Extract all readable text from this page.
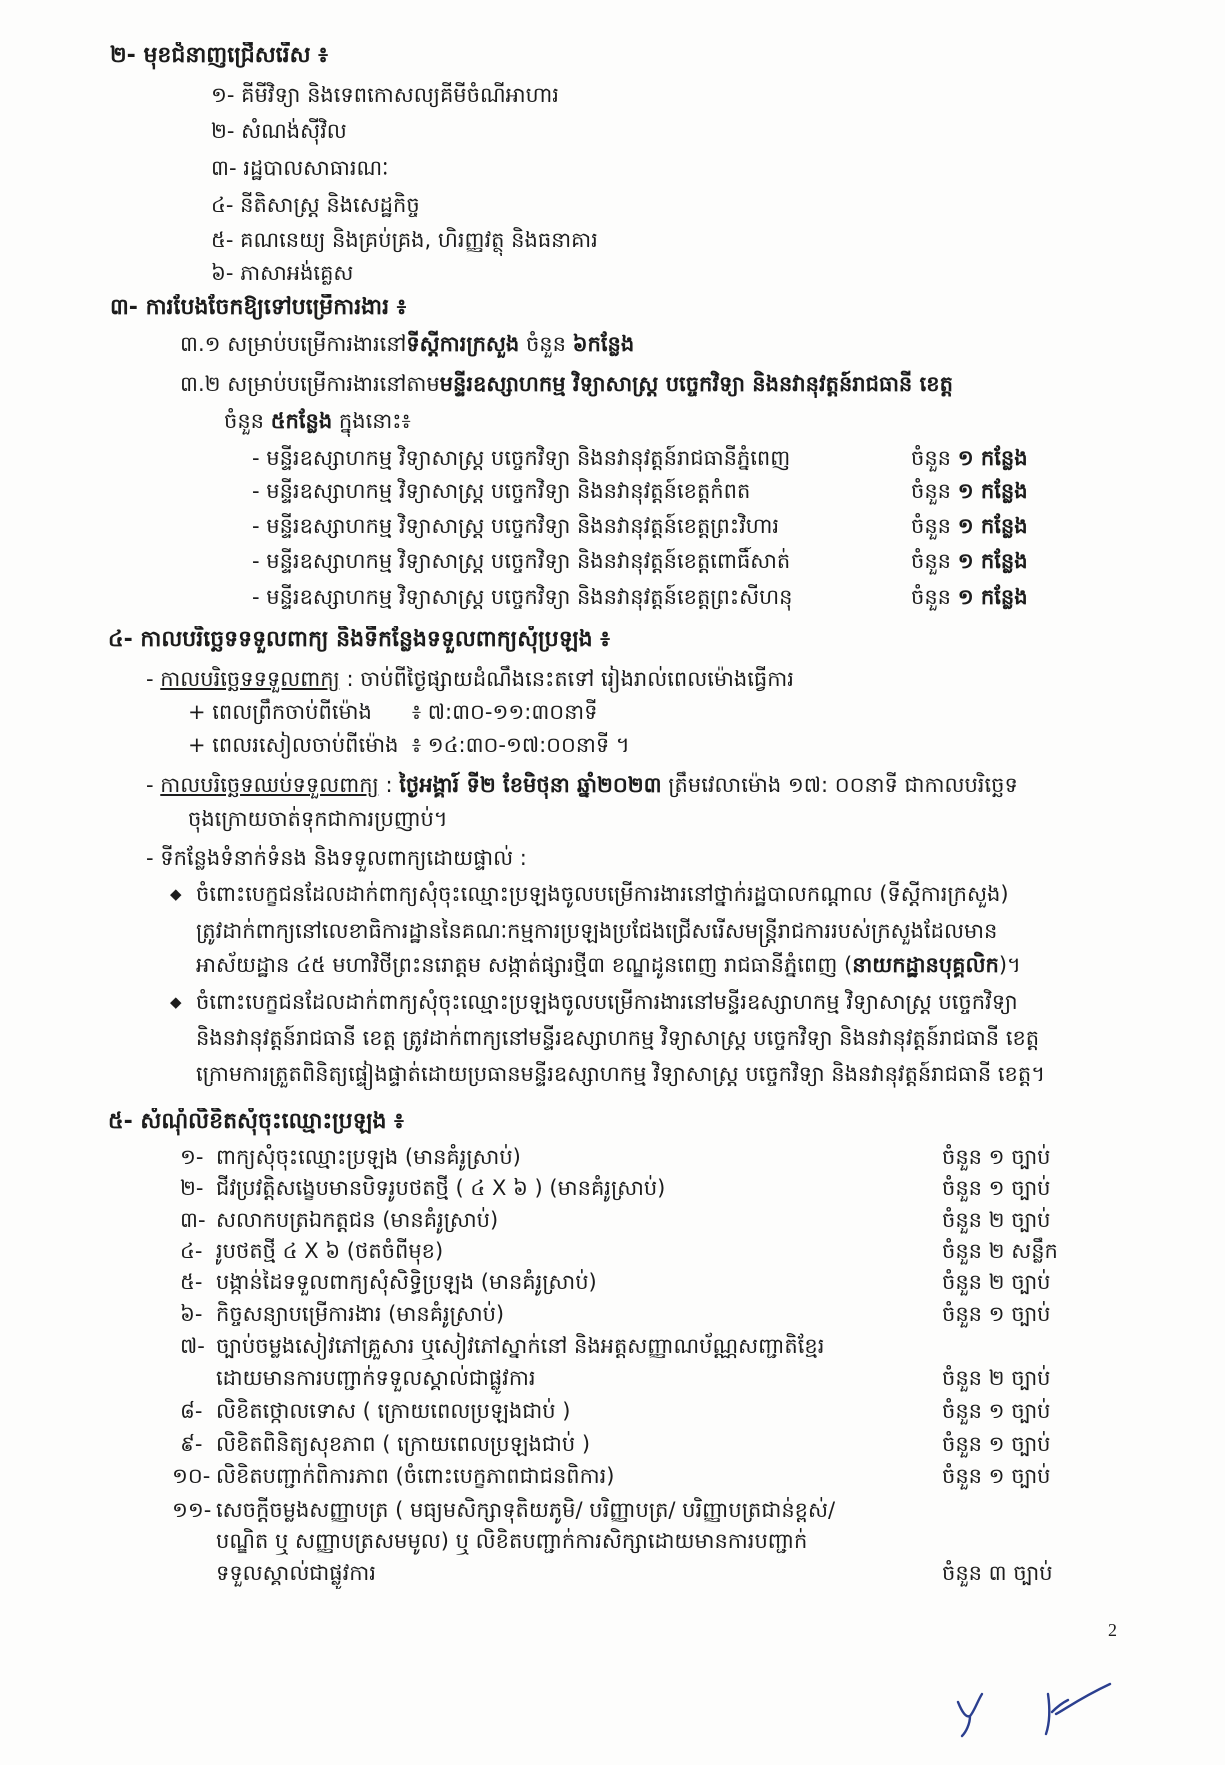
២- មុខជំនាញជ្រើសរើស ៖
១- គីមីវិទ្យា និងទេពកោសល្យគីមីចំណីអាហារ
២- សំណង់ស៊ីវិល
៣- រដ្ឋបាលសាធារណៈ
៤- នីតិសាស្ត្រ និងសេដ្ឋកិច្ច
៥- គណនេយ្យ និងគ្រប់គ្រង, ហិរញ្ញវត្ថុ និងធនាគារ
៦- ភាសាអង់គ្លេស
៣- ការបែងចែកឱ្យទៅបម្រើការងារ ៖
៣.១ សម្រាប់បម្រើការងារនៅទីស្តីការក្រសួង ចំនួន ៦កន្លែង
៣.២ សម្រាប់បម្រើការងារនៅតាមមន្ទីរឧស្សាហកម្ម វិទ្យាសាស្ត្រ បច្ចេកវិទ្យា និងនវានុវត្តន៍រាជធានី ខេត្ត
ចំនួន ៥កន្លែង ក្នុងនោះ៖
- មន្ទីរឧស្សាហកម្ម វិទ្យាសាស្ត្រ បច្ចេកវិទ្យា និងនវានុវត្តន៍រាជធានីភ្នំពេញ	ចំនួន ១ កន្លែង
- មន្ទីរឧស្សាហកម្ម វិទ្យាសាស្ត្រ បច្ចេកវិទ្យា និងនវានុវត្តន៍ខេត្តកំពត	ចំនួន ១ កន្លែង
- មន្ទីរឧស្សាហកម្ម វិទ្យាសាស្ត្រ បច្ចេកវិទ្យា និងនវានុវត្តន៍ខេត្តព្រះវិហារ	ចំនួន ១ កន្លែង
- មន្ទីរឧស្សាហកម្ម វិទ្យាសាស្ត្រ បច្ចេកវិទ្យា និងនវានុវត្តន៍ខេត្តពោធិ៍សាត់	ចំនួន ១ កន្លែង
- មន្ទីរឧស្សាហកម្ម វិទ្យាសាស្ត្រ បច្ចេកវិទ្យា និងនវានុវត្តន៍ខេត្តព្រះសីហនុ	ចំនួន ១ កន្លែង
៤- កាលបរិច្ឆេទទទួលពាក្យ និងទីកន្លែងទទួលពាក្យសុំប្រឡង ៖
- កាលបរិច្ឆេទទទួលពាក្យ : ចាប់ពីថ្ងៃផ្សាយដំណឹងនេះតទៅ រៀងរាល់ពេលម៉ោងធ្វើការ
+ ពេលព្រឹកចាប់ពីម៉ោង ៖ ៧:៣០-១១:៣០នាទី
+ ពេលរសៀលចាប់ពីម៉ោង ៖ ១៤:៣០-១៧:០០នាទី ។
- កាលបរិច្ឆេទឈប់ទទួលពាក្យ : ថ្ងៃអង្គារ៍ ទី២ ខែមិថុនា ឆ្នាំ២០២៣ ត្រឹមវេលាម៉ោង ១៧: ០០នាទី ជាកាលបរិច្ឆេទ
ចុងក្រោយចាត់ទុកជាការប្រញាប់។
- ទីកន្លែងទំនាក់ទំនង និងទទួលពាក្យដោយផ្ទាល់ :
◆ ចំពោះបេក្ខជនដែលដាក់ពាក្យសុំចុះឈ្មោះប្រឡងចូលបម្រើការងារនៅថ្នាក់រដ្ឋបាលកណ្តាល (ទីស្តីការក្រសួង)
ត្រូវដាក់ពាក្យនៅលេខាធិការដ្ឋាននៃគណៈកម្មការប្រឡងប្រជែងជ្រើសរើសមន្ត្រីរាជការរបស់ក្រសួងដែលមាន
អាស័យដ្ឋាន ៤៥ មហាវិថីព្រះនរោត្តម សង្កាត់ផ្សារថ្មី៣ ខណ្ឌដូនពេញ រាជធានីភ្នំពេញ (នាយកដ្ឋានបុគ្គលិក)។
◆ ចំពោះបេក្ខជនដែលដាក់ពាក្យសុំចុះឈ្មោះប្រឡងចូលបម្រើការងារនៅមន្ទីរឧស្សាហកម្ម វិទ្យាសាស្ត្រ បច្ចេកវិទ្យា
និងនវានុវត្តន៍រាជធានី ខេត្ត ត្រូវដាក់ពាក្យនៅមន្ទីរឧស្សាហកម្ម វិទ្យាសាស្ត្រ បច្ចេកវិទ្យា និងនវានុវត្តន៍រាជធានី ខេត្ត
ក្រោមការត្រួតពិនិត្យផ្ទៀងផ្ទាត់ដោយប្រធានមន្ទីរឧស្សាហកម្ម វិទ្យាសាស្ត្រ បច្ចេកវិទ្យា និងនវានុវត្តន៍រាជធានី ខេត្ត។
៥- សំណុំលិខិតសុំចុះឈ្មោះប្រឡង ៖
១- ពាក្យសុំចុះឈ្មោះប្រឡង (មានគំរូស្រាប់)	ចំនួន ១ ច្បាប់
២- ជីវប្រវត្តិសង្ខេបមានបិទរូបថតថ្មី ( ៤ X ៦ ) (មានគំរូស្រាប់)	ចំនួន ១ ច្បាប់
៣- សលាកបត្រឯកត្តជន (មានគំរូស្រាប់)	ចំនួន ២ ច្បាប់
៤- រូបថតថ្មី ៤ X ៦ (ថតចំពីមុខ)	ចំនួន ២ សន្លឹក
៥- បង្កាន់ដៃទទួលពាក្យសុំសិទ្ធិប្រឡង (មានគំរូស្រាប់)	ចំនួន ២ ច្បាប់
៦- កិច្ចសន្យាបម្រើការងារ (មានគំរូស្រាប់)	ចំនួន ១ ច្បាប់
៧- ច្បាប់ចម្លងសៀវភៅគ្រួសារ ឬសៀវភៅស្នាក់នៅ និងអត្តសញ្ញាណប័ណ្ណសញ្ជាតិខ្មែរ
ដោយមានការបញ្ជាក់ទទួលស្គាល់ជាផ្លូវការ	ចំនួន ២ ច្បាប់
៨- លិខិតថ្កោលទោស ( ក្រោយពេលប្រឡងជាប់ )	ចំនួន ១ ច្បាប់
៩- លិខិតពិនិត្យសុខភាព ( ក្រោយពេលប្រឡងជាប់ )	ចំនួន ១ ច្បាប់
១០- លិខិតបញ្ជាក់ពិការភាព (ចំពោះបេក្ខភាពជាជនពិការ)	ចំនួន ១ ច្បាប់
១១- សេចក្តីចម្លងសញ្ញាបត្រ ( មធ្យមសិក្សាទុតិយភូមិ/ បរិញ្ញាបត្រ/ បរិញ្ញាបត្រជាន់ខ្ពស់/
បណ្ឌិត ឬ សញ្ញាបត្រសមមូល) ឬ លិខិតបញ្ជាក់ការសិក្សាដោយមានការបញ្ជាក់
ទទួលស្គាល់ជាផ្លូវការ	ចំនួន ៣ ច្បាប់
2
